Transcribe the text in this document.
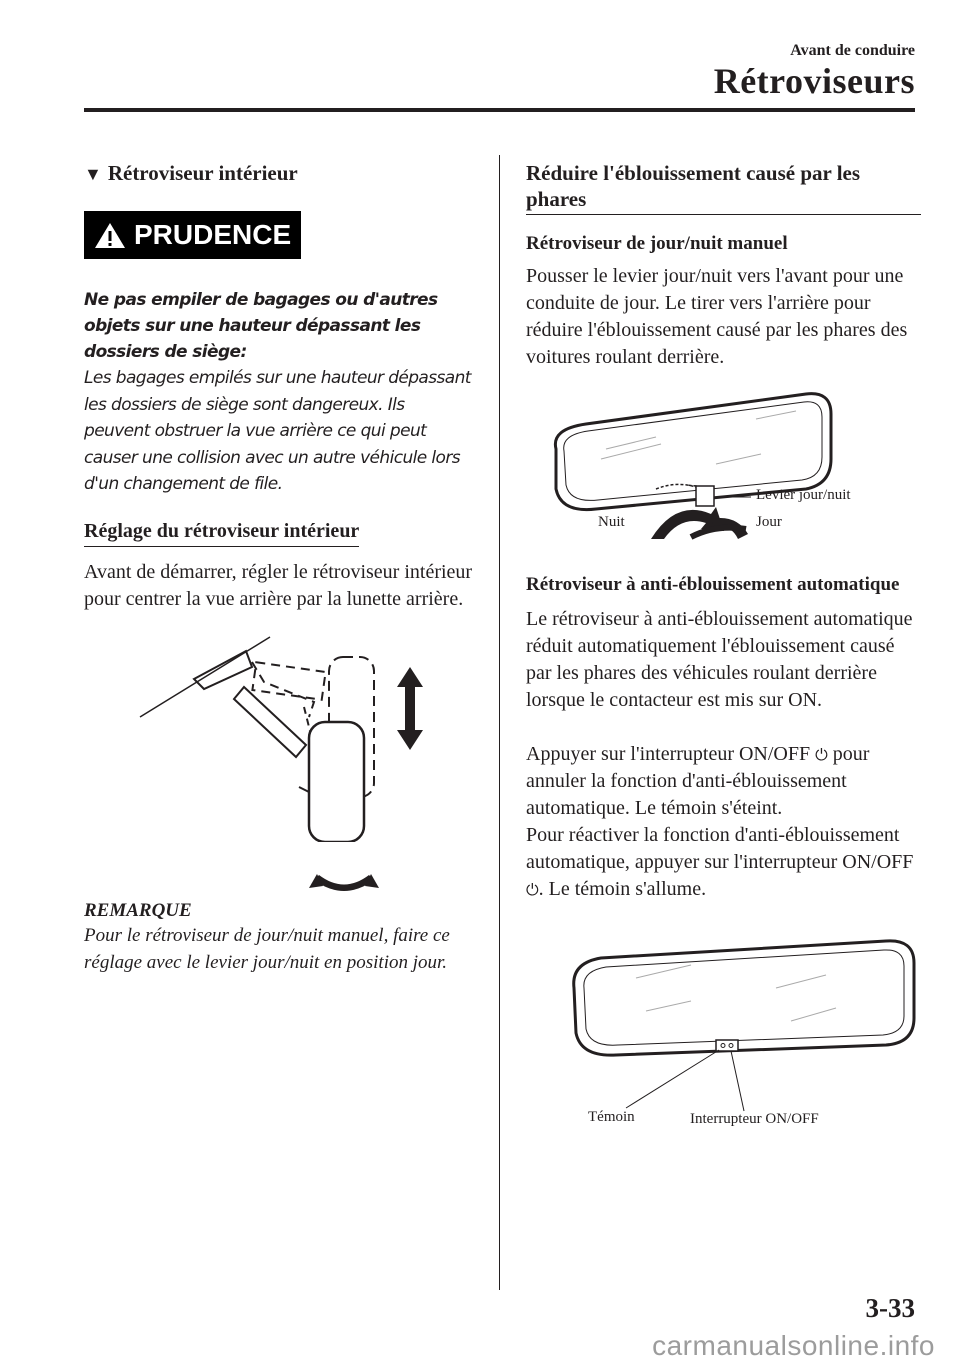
Avant de conduire
Rétroviseurs
▼ Rétroviseur intérieur
PRUDENCE
Ne pas empiler de bagages ou d'autres objets sur une hauteur dépassant les dossiers de siège:
Les bagages empilés sur une hauteur dépassant les dossiers de siège sont dangereux. Ils peuvent obstruer la vue arrière ce qui peut causer une collision avec un autre véhicule lors d'un changement de file.
Réglage du rétroviseur intérieur
Avant de démarrer, régler le rétroviseur intérieur pour centrer la vue arrière par la lunette arrière.
REMARQUE
Pour le rétroviseur de jour/nuit manuel, faire ce réglage avec le levier jour/nuit en position jour.
Réduire l'éblouissement causé par les phares
Rétroviseur de jour/nuit manuel
Pousser le levier jour/nuit vers l'avant pour une conduite de jour. Le tirer vers l'arrière pour réduire l'éblouissement causé par les phares des voitures roulant derrière.
Levier jour/nuit
Nuit	Jour
Rétroviseur à anti-éblouissement automatique
Le rétroviseur à anti-éblouissement automatique réduit automatiquement l'éblouissement causé par les phares des véhicules roulant derrière lorsque le contacteur est mis sur ON.
Appuyer sur l'interrupteur ON/OFF ⏻ pour annuler la fonction d'anti-éblouissement automatique. Le témoin s'éteint.
Pour réactiver la fonction d'anti-éblouissement automatique, appuyer sur l'interrupteur ON/OFF ⏻. Le témoin s'allume.
Témoin	Interrupteur ON/OFF
3-33
carmanualsonline.info
